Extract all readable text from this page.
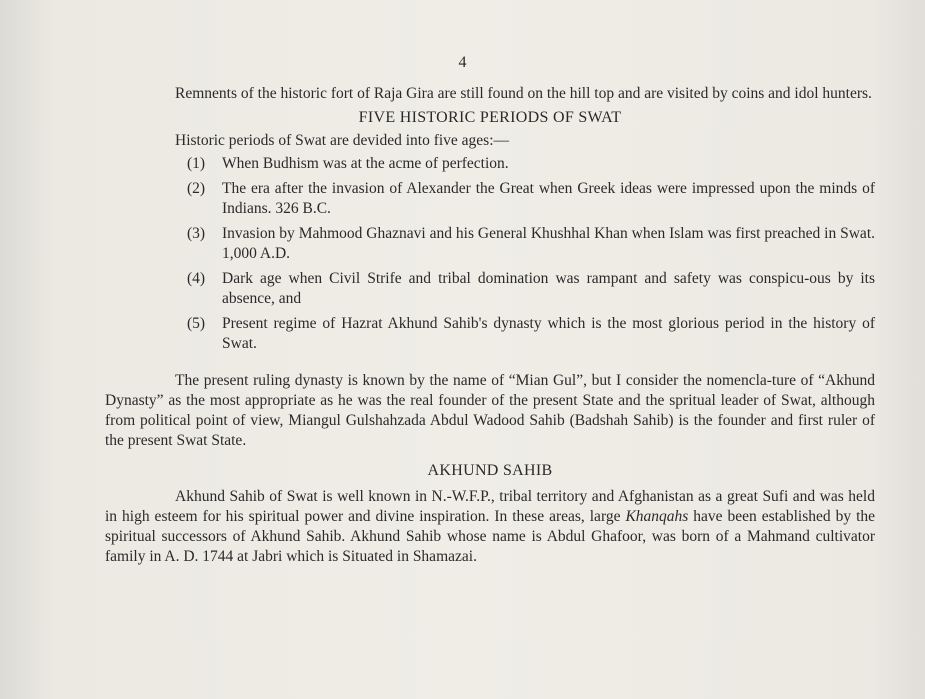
4

Remnents of the historic fort of Raja Gira are still found on the hill top and are visited by coins and idol hunters.

FIVE HISTORIC PERIODS OF SWAT

Historic periods of Swat are devided into five ages:—

(1) When Budhism was at the acme of perfection.
(2) The era after the invasion of Alexander the Great when Greek ideas were impressed upon the minds of Indians. 326 B.C.
(3) Invasion by Mahmood Ghaznavi and his General Khushhal Khan when Islam was first preached in Swat. 1,000 A.D.
(4) Dark age when Civil Strife and tribal domination was rampant and safety was conspicu-ous by its absence, and
(5) Present regime of Hazrat Akhund Sahib's dynasty which is the most glorious period in the history of Swat.

The present ruling dynasty is known by the name of “Mian Gul”, but I consider the nomencla-ture of “Akhund Dynasty” as the most appropriate as he was the real founder of the present State and the spritual leader of Swat, although from political point of view, Miangul Gulshahzada Abdul Wadood Sahib (Badshah Sahib) is the founder and first ruler of the present Swat State.

AKHUND SAHIB

Akhund Sahib of Swat is well known in N.-W.F.P., tribal territory and Afghanistan as a great Sufi and was held in high esteem for his spiritual power and divine inspiration. In these areas, large Khanqahs have been established by the spiritual successors of Akhund Sahib. Akhund Sahib whose name is Abdul Ghafoor, was born of a Mahmand cultivator family in A. D. 1744 at Jabri which is Situated in Shamazai.
